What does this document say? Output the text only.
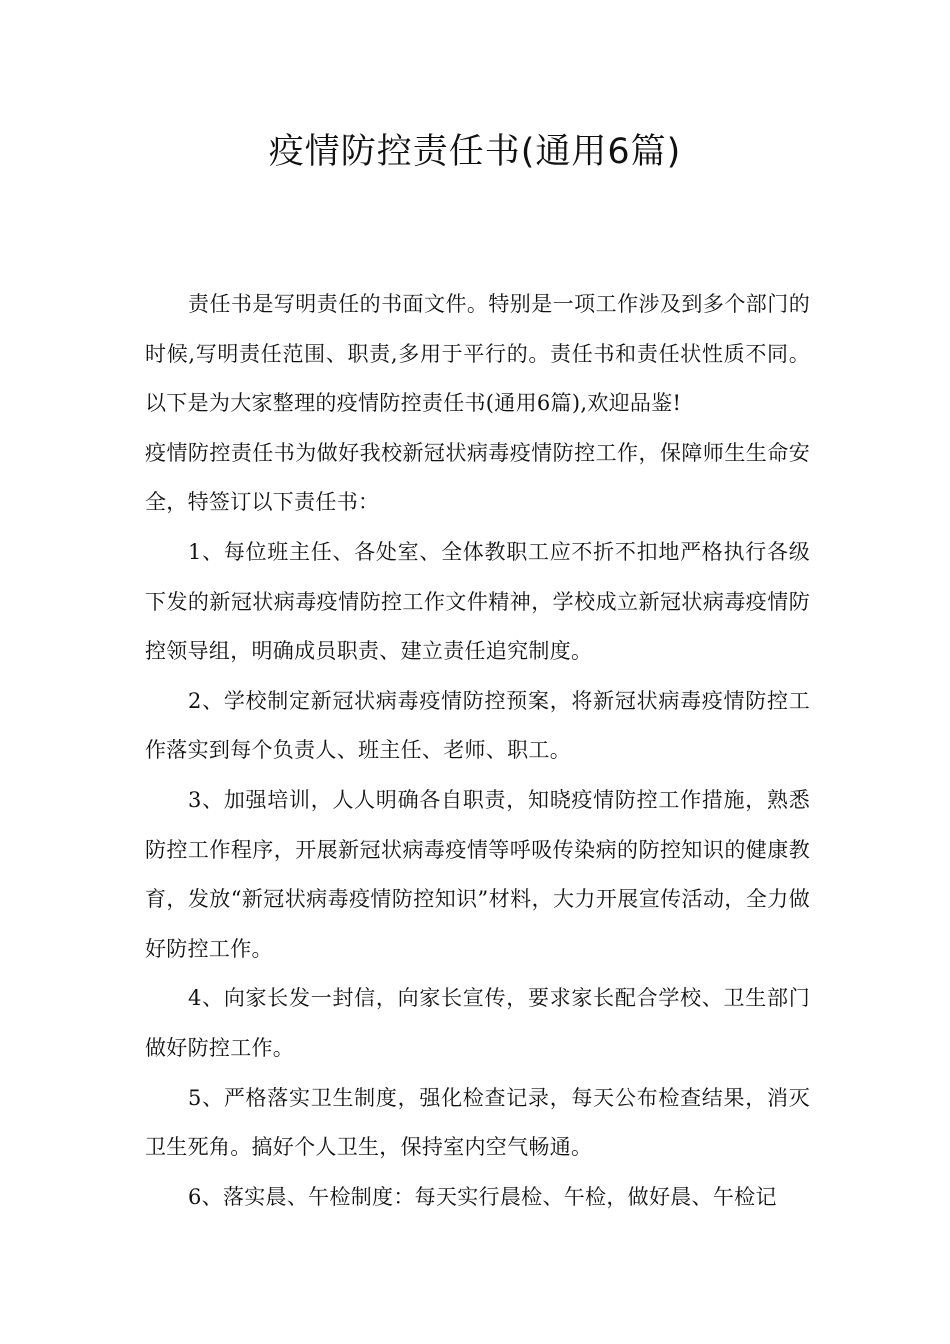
疫情防控责任书(通用6篇)

责任书是写明责任的书面文件。特别是一项工作涉及到多个部门的时候,写明责任范围、职责,多用于平行的。责任书和责任状性质不同。以下是为大家整理的疫情防控责任书(通用6篇),欢迎品鉴!

疫情防控责任书为做好我校新冠状病毒疫情防控工作，保障师生生命安全，特签订以下责任书：

1、每位班主任、各处室、全体教职工应不折不扣地严格执行各级下发的新冠状病毒疫情防控工作文件精神，学校成立新冠状病毒疫情防控领导组，明确成员职责、建立责任追究制度。

2、学校制定新冠状病毒疫情防控预案，将新冠状病毒疫情防控工作落实到每个负责人、班主任、老师、职工。

3、加强培训，人人明确各自职责，知晓疫情防控工作措施，熟悉防控工作程序，开展新冠状病毒疫情等呼吸传染病的防控知识的健康教育，发放“新冠状病毒疫情防控知识”材料，大力开展宣传活动，全力做好防控工作。

4、向家长发一封信，向家长宣传，要求家长配合学校、卫生部门做好防控工作。

5、严格落实卫生制度，强化检查记录，每天公布检查结果，消灭卫生死角。搞好个人卫生，保持室内空气畅通。

6、落实晨、午检制度：每天实行晨检、午检，做好晨、午检记
